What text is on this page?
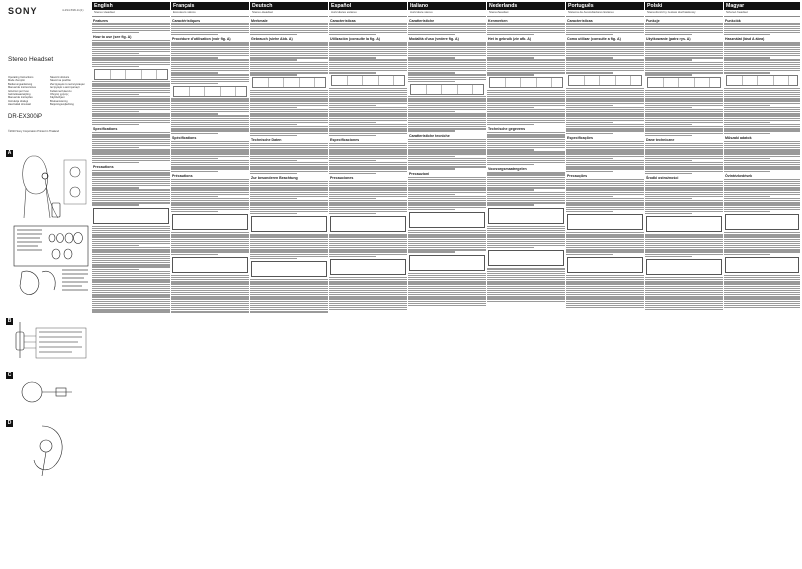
SONY	4-294-598-11(1)
Stereo Headset
Operating Instructions
Mode d'emploi
Bedienungsanleitung
Manual de instrucciones
Istruzioni per l'uso
Gebruiksaanwijzing
Manual de instruções
Instrukcja obsługi
Használati útmutató
Návod k obsluze
Návod na použitie
Инструкция по эксплуатации
Інструкція з експлуатації
Kullanma Kılavuzu
Οδηγίες χρήσης
Käyttöohjeet
Bruksanvisning
Betjeningsvejledning
DR-EX300iP
©2010 Sony Corporation Printed in Thailand
A
B
C
D
English
Stereo Headset
Features
How to use (see fig. A)
Specifications
Precautions
Français
Ecouteurs stéréo
Caractéristiques
Procédure d'utilisation (voir fig. A)
Spécifications
Précautions
Deutsch
Stereo-Headset
Merkmale
Gebrauch (siehe Abb. A)
Technische Daten
Zur besonderen Beachtung
Español
Auriculares estéreo
Características
Utilización (consulte la fig. A)
Especificaciones
Precauciones
Italiano
Auricolare stereo
Caratteristiche
Modalità d'uso (vedere fig. A)
Caratteristiche tecniche
Precauzioni
Nederlands
Stereoheadset
Kenmerken
Het in gebruik (zie afb. A)
Technische gegevens
Voorzorgsmaatregelen
Português
Sistema de Auscultadores Estéreo
Características
Como utilizar (consulte a fig. A)
Especificações
Precauções
Polski
Stereofoniczny zestaw słuchawkowy
Funkcje
Użytkowanie (patrz rys. A)
Dane techniczne
Środki ostrożności
Magyar
Sztereó headset
Funkciók
Használat (lásd A ábra)
Műszaki adatok
Óvintézkedések
